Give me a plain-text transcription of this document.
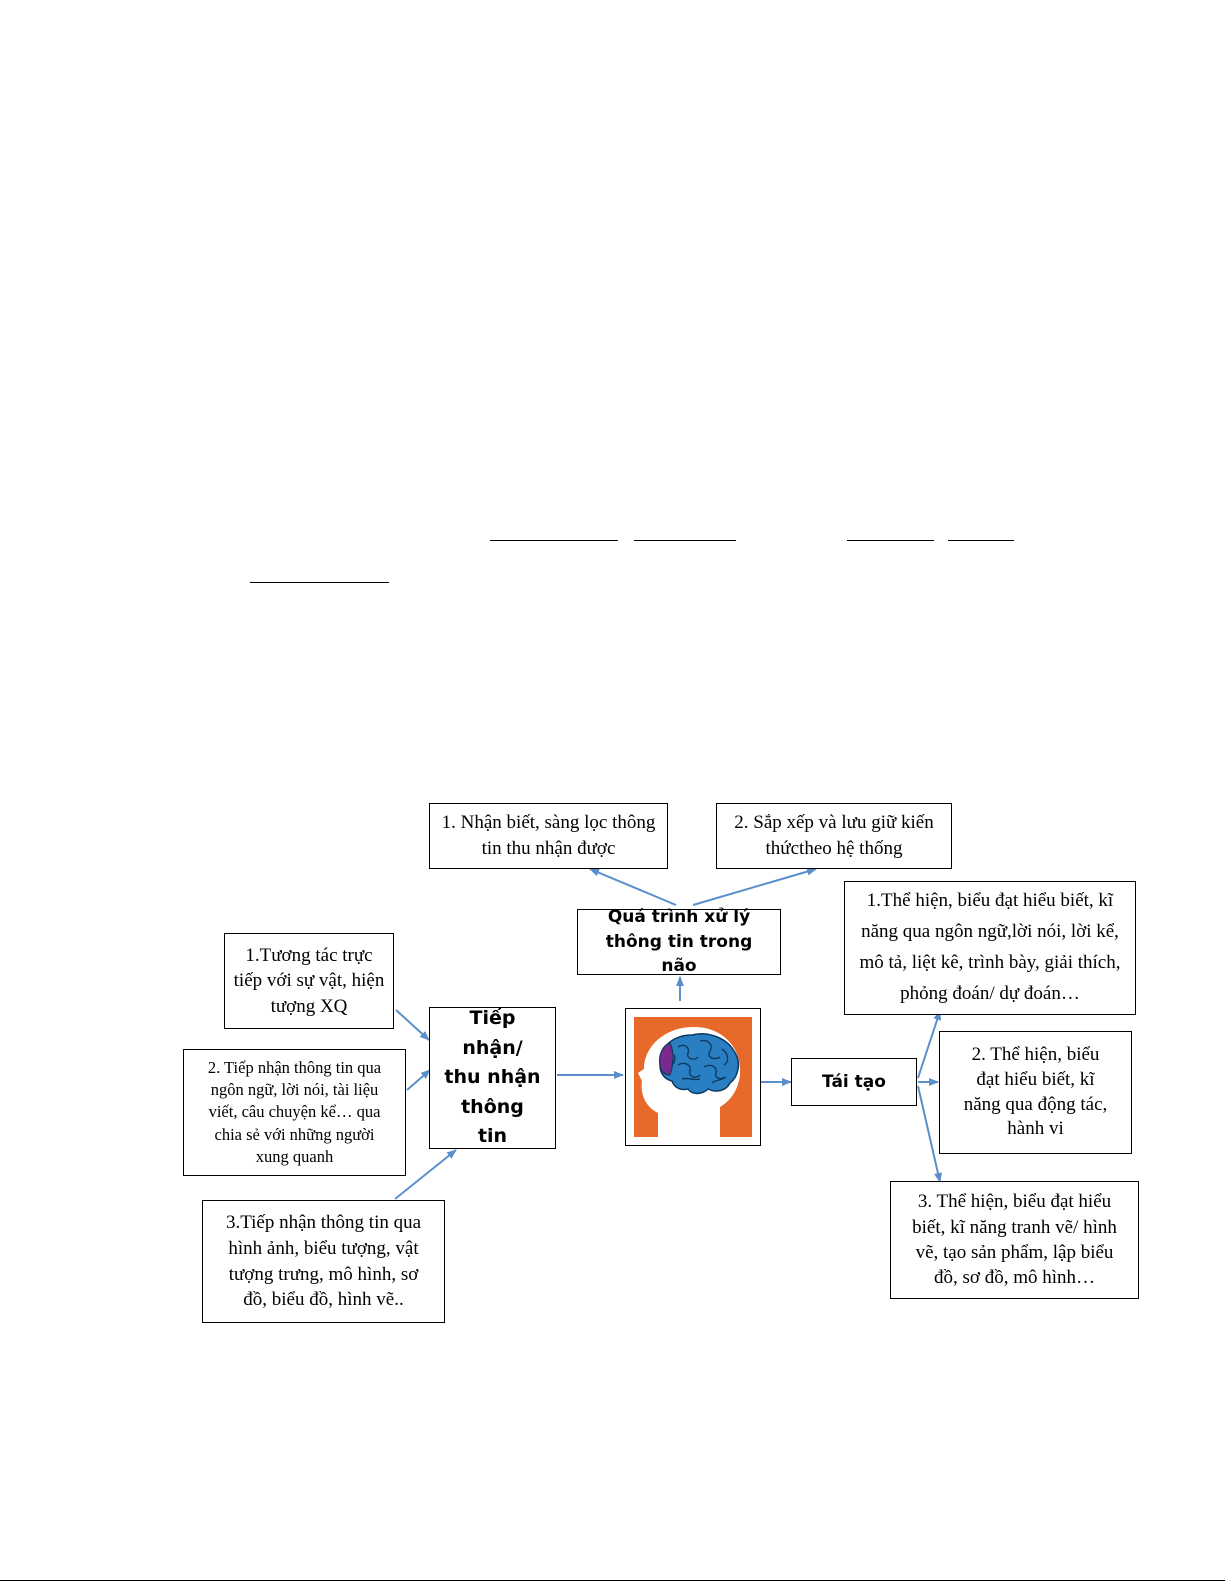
1. Nhận biết, sàng lọc thông tin thu nhận được
2. Sắp xếp và lưu giữ kiến thứctheo hệ thống
Quá trình xử lý thông tin trong não
1.Tương tác trực tiếp với sự vật, hiện tượng XQ
2. Tiếp nhận thông tin qua ngôn ngữ, lời nói, tài liệu viết, câu chuyện kể… qua chia sẻ với những người xung quanh
3.Tiếp nhận thông tin qua hình ảnh, biểu tượng, vật tượng trưng, mô hình, sơ đồ, biểu đồ, hình vẽ..
Tiếp nhận/ thu nhận thông tin
Tái tạo
1.Thể hiện, biểu đạt hiểu biết, kĩ năng qua ngôn ngữ,lời nói, lời kể, mô tả, liệt kê, trình bày, giải thích, phỏng đoán/ dự đoán…
2. Thể hiện, biểu đạt hiểu biết, kĩ năng qua động tác, hành vi
3. Thể hiện, biểu đạt hiểu biết, kĩ năng tranh vẽ/ hình vẽ, tạo sản phẩm, lập biểu đồ, sơ đồ, mô hình…
